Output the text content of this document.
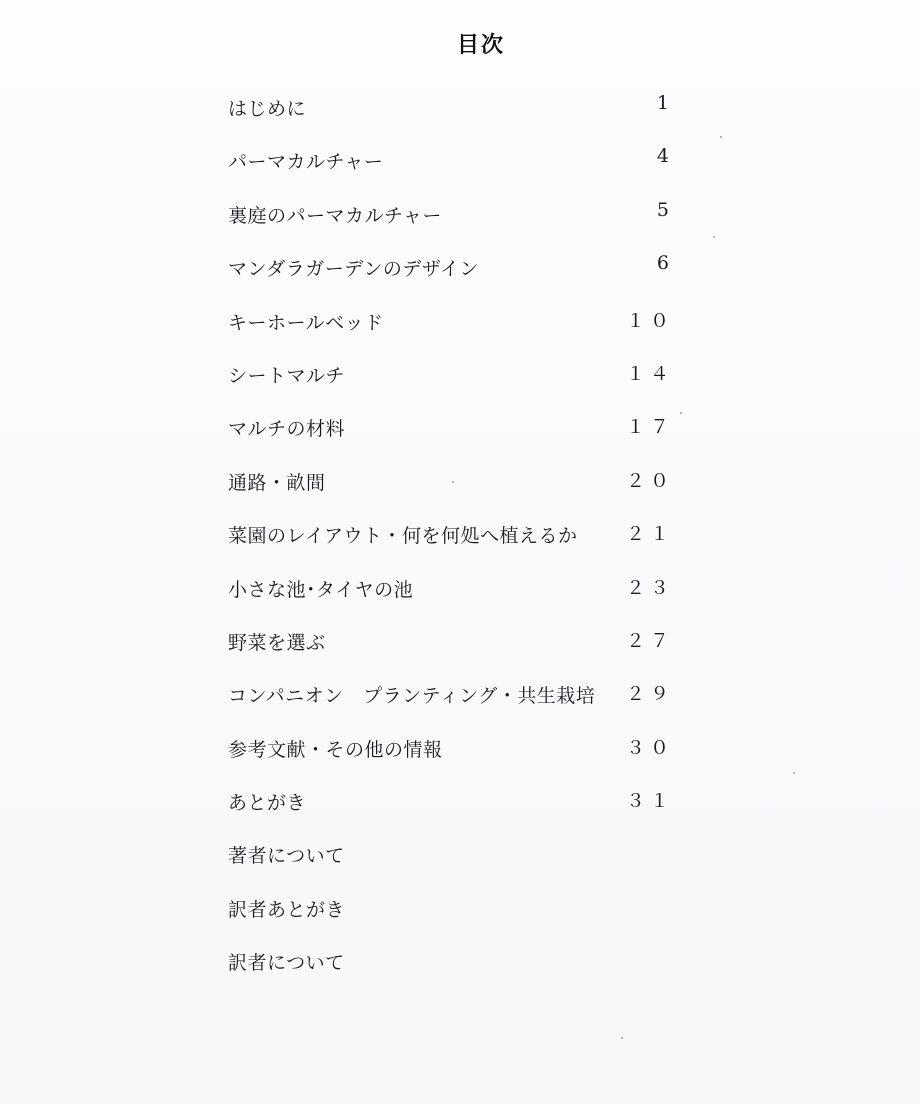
目次
はじめに	1
パーマカルチャー	4
裏庭のパーマカルチャー	5
マンダラガーデンのデザイン	6
キーホールベッド	１０
シートマルチ	１４
マルチの材料	１７
通路・畝間	２０
菜園のレイアウト・何を何処へ植えるか	２１
小さな池･タイヤの池	２３
野菜を選ぶ	２７
コンパニオン　プランティング・共生栽培 ２９
参考文献・その他の情報	３０
あとがき	３１
著者について
訳者あとがき
訳者について
